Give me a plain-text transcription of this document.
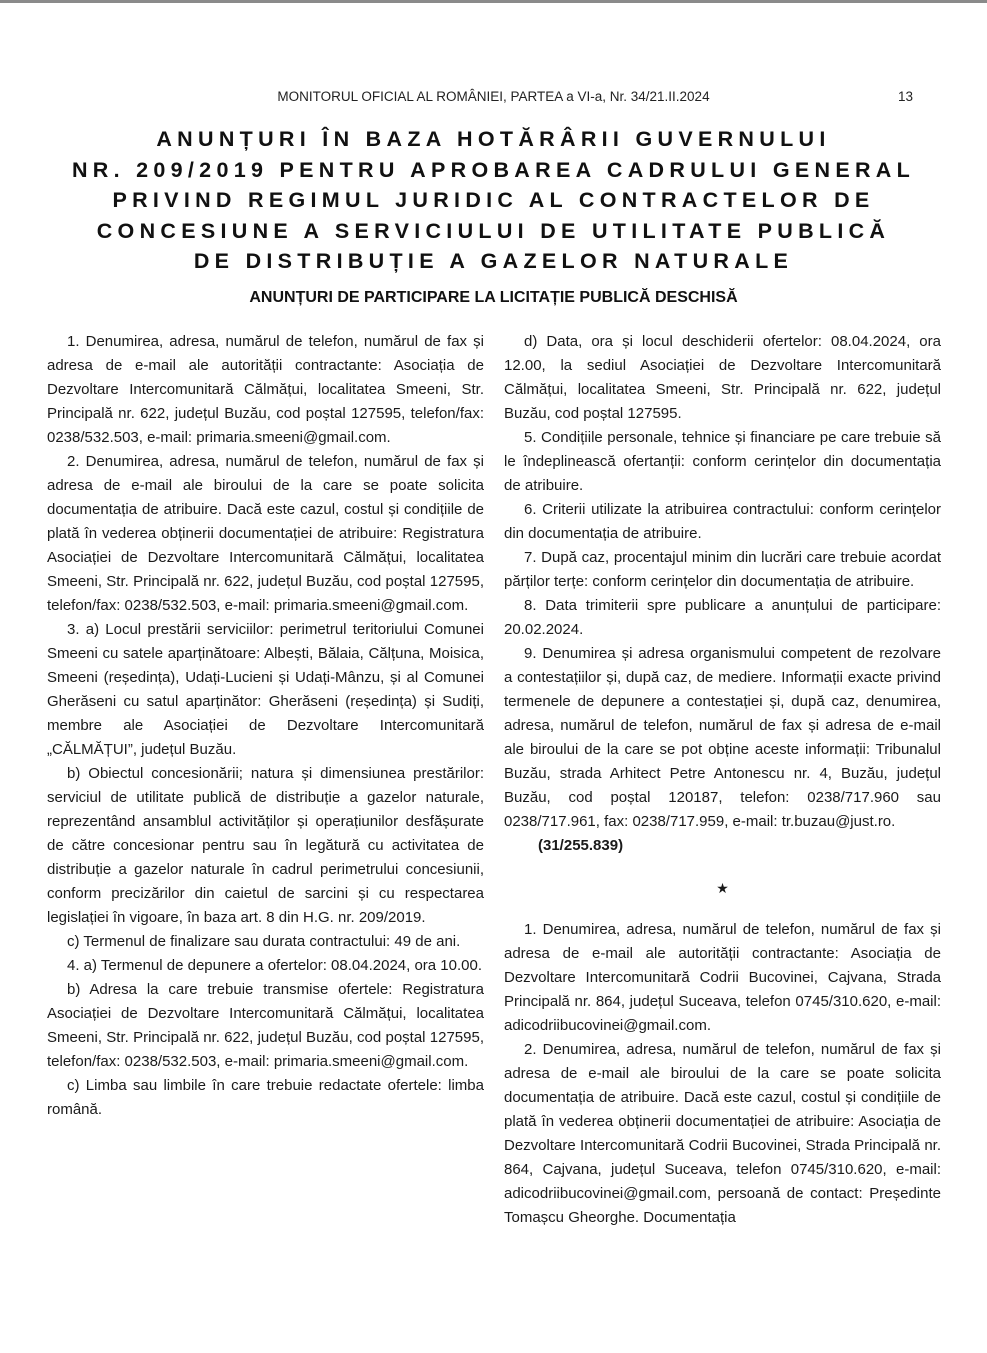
MONITORUL OFICIAL AL ROMÂNIEI, PARTEA a VI-a, Nr. 34/21.II.2024	13
ANUNȚURI ÎN BAZA HOTĂRÂRII GUVERNULUI
NR. 209/2019 PENTRU APROBAREA CADRULUI GENERAL
PRIVIND REGIMUL JURIDIC AL CONTRACTELOR DE
CONCESIUNE A SERVICIULUI DE UTILITATE PUBLICĂ
DE DISTRIBUȚIE A GAZELOR NATURALE
ANUNȚURI DE PARTICIPARE LA LICITAȚIE PUBLICĂ DESCHISĂ

1. Denumirea, adresa, numărul de telefon, numărul de fax și adresa de e-mail ale autorității contractante: Asociația de Dezvoltare Intercomunitară Călmățui, localitatea Smeeni, Str. Principală nr. 622, județul Buzău, cod poștal 127595, telefon/fax: 0238/532.503, e-mail: primaria.smeeni@gmail.com.

2. Denumirea, adresa, numărul de telefon, numărul de fax și adresa de e-mail ale biroului de la care se poate solicita documentația de atribuire. Dacă este cazul, costul și condițiile de plată în vederea obținerii documentației de atribuire: Registratura Asociației de Dezvoltare Intercomunitară Călmățui, localitatea Smeeni, Str. Principală nr. 622, județul Buzău, cod poștal 127595, telefon/fax: 0238/532.503, e-mail: primaria.smeeni@gmail.com.

3. a) Locul prestării serviciilor: perimetrul teritoriului Comunei Smeeni cu satele aparținătoare: Albești, Bălaia, Călțuna, Moisica, Smeeni (reședința), Udați-Lucieni și Udați-Mânzu, și al Comunei Gherăseni cu satul aparținător: Gherăseni (reședința) și Sudiți, membre ale Asociației de Dezvoltare Intercomunitară „CĂLMĂȚUI”, județul Buzău.

b) Obiectul concesionării; natura și dimensiunea prestărilor: serviciul de utilitate publică de distribuție a gazelor naturale, reprezentând ansamblul activităților și operațiunilor desfășurate de către concesionar pentru sau în legătură cu activitatea de distribuție a gazelor naturale în cadrul perimetrului concesiunii, conform precizărilor din caietul de sarcini și cu respectarea legislației în vigoare, în baza art. 8 din H.G. nr. 209/2019.

c) Termenul de finalizare sau durata contractului: 49 de ani.

4. a) Termenul de depunere a ofertelor: 08.04.2024, ora 10.00.

b) Adresa la care trebuie transmise ofertele: Registratura Asociației de Dezvoltare Intercomunitară Călmățui, localitatea Smeeni, Str. Principală nr. 622, județul Buzău, cod poștal 127595, telefon/fax: 0238/532.503, e-mail: primaria.smeeni@gmail.com.

c) Limba sau limbile în care trebuie redactate ofertele: limba română.

d) Data, ora și locul deschiderii ofertelor: 08.04.2024, ora 12.00, la sediul Asociației de Dezvoltare Intercomunitară Călmățui, localitatea Smeeni, Str. Principală nr. 622, județul Buzău, cod poștal 127595.

5. Condițiile personale, tehnice și financiare pe care trebuie să le îndeplinească ofertanții: conform cerințelor din documentația de atribuire.

6. Criterii utilizate la atribuirea contractului: conform cerințelor din documentația de atribuire.

7. După caz, procentajul minim din lucrări care trebuie acordat părților terțe: conform cerințelor din documentația de atribuire.

8. Data trimiterii spre publicare a anunțului de participare: 20.02.2024.

9. Denumirea și adresa organismului competent de rezolvare a contestațiilor și, după caz, de mediere. Informații exacte privind termenele de depunere a contestației și, după caz, denumirea, adresa, numărul de telefon, numărul de fax și adresa de e-mail ale biroului de la care se pot obține aceste informații: Tribunalul Buzău, strada Arhitect Petre Antonescu nr. 4, Buzău, județul Buzău, cod poștal 120187, telefon: 0238/717.960 sau 0238/717.961, fax: 0238/717.959, e-mail: tr.buzau@just.ro.

(31/255.839)

★

1. Denumirea, adresa, numărul de telefon, numărul de fax și adresa de e-mail ale autorității contractante: Asociația de Dezvoltare Intercomunitară Codrii Bucovinei, Cajvana, Strada Principală nr. 864, județul Suceava, telefon 0745/310.620, e-mail: adicodriibucovinei@gmail.com.

2. Denumirea, adresa, numărul de telefon, numărul de fax și adresa de e-mail ale biroului de la care se poate solicita documentația de atribuire. Dacă este cazul, costul și condițiile de plată în vederea obținerii documentației de atribuire: Asociația de Dezvoltare Intercomunitară Codrii Bucovinei, Strada Principală nr. 864, Cajvana, județul Suceava, telefon 0745/310.620, e-mail: adicodriibucovinei@gmail.com, persoană de contact: Președinte Tomașcu Gheorghe. Documentația
